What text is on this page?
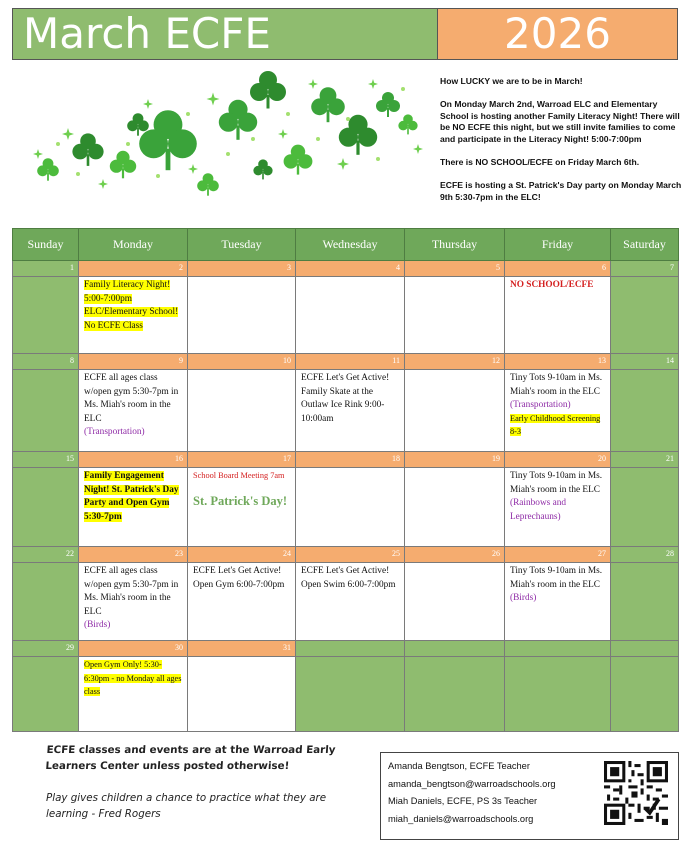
March ECFE	2026

How LUCKY we are to be in March!

On Monday March 2nd, Warroad ELC and Elementary School is hosting another Family Literacy Night! There will be NO ECFE this night, but we still invite families to come and participate in the Literacy Night! 5:00-7:00pm

There is NO SCHOOL/ECFE on Friday March 6th.

ECFE is hosting a St. Patrick's Day party on Monday March 9th 5:30-7pm in the ELC!

Sunday	Monday	Tuesday	Wednesday	Thursday	Friday	Saturday
1	2	3	4	5	6	7
	Family Literacy Night! 5:00-7:00pm ELC/Elementary School! No ECFE Class				NO SCHOOL/ECFE	
8	9	10	11	12	13	14
	ECFE all ages class w/open gym 5:30-7pm in Ms. Miah's room in the ELC
(Transportation)		ECFE Let's Get Active! Family Skate at the Outlaw Ice Rink 9:00-10:00am		Tiny Tots 9-10am in Ms. Miah's room in the ELC
(Transportation)
Early Childhood Screening 8-3	
15	16	17	18	19	20	21
	Family Engagement Night! St. Patrick's Day Party and Open Gym 5:30-7pm	School Board Meeting 7am
St. Patrick's Day!			Tiny Tots 9-10am in Ms. Miah's room in the ELC
(Rainbows and Leprechauns)	
22	23	24	25	26	27	28
	ECFE all ages class w/open gym 5:30-7pm in Ms. Miah's room in the ELC
(Birds)	ECFE Let's Get Active! Open Gym 6:00-7:00pm	ECFE Let's Get Active! Open Swim 6:00-7:00pm		Tiny Tots 9-10am in Ms. Miah's room in the ELC
(Birds)	
29	30	31				
	Open Gym Only! 5:30-6:30pm - no Monday all ages class					
ECFE classes and events are at the Warroad Early Learners Center unless posted otherwise!
Play gives children a chance to practice what they are learning - Fred Rogers
Amanda Bengtson, ECFE Teacher
amanda_bengtson@warroadschools.org
Miah Daniels, ECFE, PS 3s Teacher
miah_daniels@warroadschools.org
